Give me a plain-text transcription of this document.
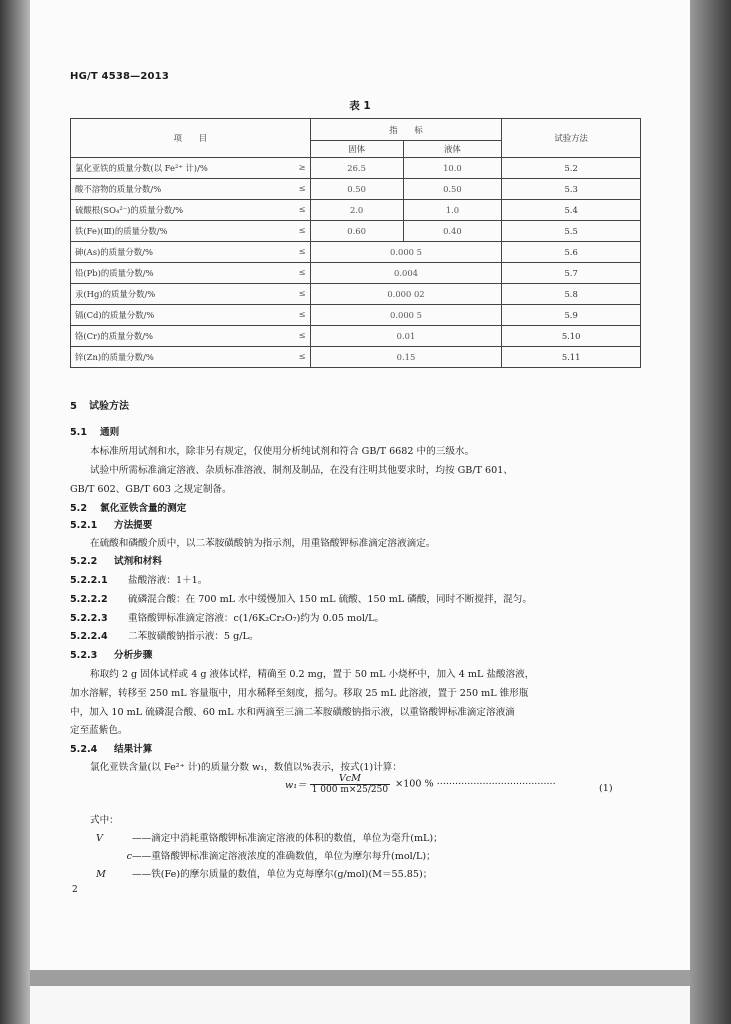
HG/T 4538—2013
表 1
项　　目	指　　标		试验方法
	固体	液体	
氯化亚铁的质量分数(以 Fe²⁺ 计)/% ≥	26.5	10.0	5.2
酸不溶物的质量分数/% ≤	0.50	0.50	5.3
硫酸根(SO₄²⁻)的质量分数/% ≤	2.0	1.0	5.4
铁(Fe)(Ⅲ)的质量分数/% ≤	0.60	0.40	5.5
砷(As)的质量分数/% ≤	0.000 5		5.6
铅(Pb)的质量分数/% ≤	0.004		5.7
汞(Hg)的质量分数/% ≤	0.000 02		5.8
镉(Cd)的质量分数/% ≤	0.000 5		5.9
铬(Cr)的质量分数/% ≤	0.01		5.10
锌(Zn)的质量分数/% ≤	0.15		5.11
5 试验方法
5.1 通则
本标准所用试剂和水，除非另有规定，仅使用分析纯试剂和符合 GB/T 6682 中的三级水。
试验中所需标准滴定溶液、杂质标准溶液、制剂及制品，在没有注明其他要求时，均按 GB/T 601、
GB/T 602、GB/T 603 之规定制备。
5.2 氯化亚铁含量的测定
5.2.1 方法提要
在硫酸和磷酸介质中，以二苯胺磺酸钠为指示剂，用重铬酸钾标准滴定溶液滴定。
5.2.2 试剂和材料
5.2.2.1 盐酸溶液：1＋1。
5.2.2.2 硫磷混合酸：在 700 mL 水中缓慢加入 150 mL 硫酸、150 mL 磷酸，同时不断搅拌，混匀。
5.2.2.3 重铬酸钾标准滴定溶液：c(1/6K₂Cr₂O₇)约为 0.05 mol/L。
5.2.2.4 二苯胺磺酸钠指示液：5 g/L。
5.2.3 分析步骤
称取约 2 g 固体试样或 4 g 液体试样，精确至 0.2 mg，置于 50 mL 小烧杯中，加入 4 mL 盐酸溶液，
加水溶解，转移至 250 mL 容量瓶中，用水稀释至刻度，摇匀。移取 25 mL 此溶液，置于 250 mL 锥形瓶
中，加入 10 mL 硫磷混合酸、60 mL 水和两滴至三滴二苯胺磺酸钠指示液，以重铬酸钾标准滴定溶液滴
定至蓝紫色。
5.2.4 结果计算
氯化亚铁含量(以 Fe²⁺ 计)的质量分数 w₁，数值以%表示，按式(1)计算：
$w_1= \frac{\text{VcM}}{1 000 m\times 25/250} \times 100$ % ·······································	(1)
式中：
V	——滴定中消耗重铬酸钾标准滴定溶液的体积的数值，单位为毫升(mL)；
c——重铬酸钾标准滴定溶液浓度的准确数值，单位为摩尔每升(mol/L)；
M	——铁(Fe)的摩尔质量的数值，单位为克每摩尔(g/mol)(M＝55.85)；
2
